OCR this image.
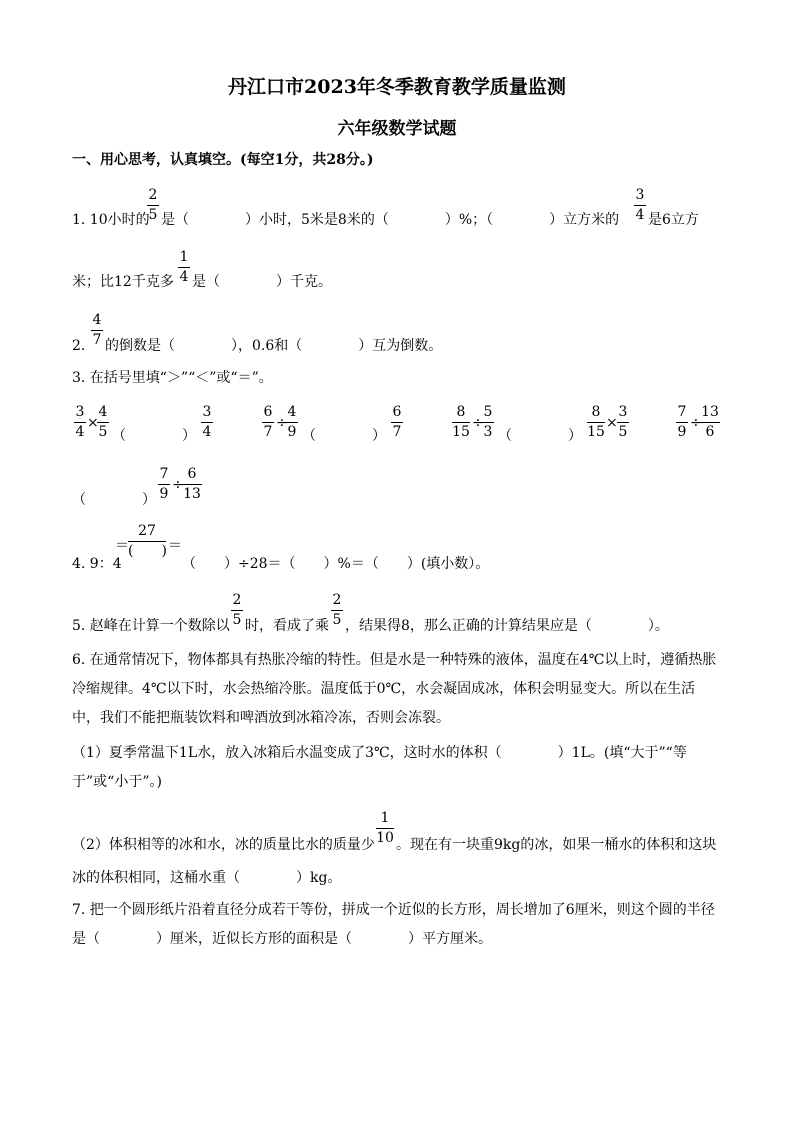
丹江口市2023年冬季教育教学质量监测
六年级数学试题
一、用心思考，认真填空。(每空1分，共28分。)
1. 10小时的
2
5 是（　　　　）小时，5米是8米的（　　　　）%；（　　　　）立方米的
3
4 是6立方
米；比12千克多
1
4 是（　　　　）千克。
2.
4
7 的倒数是（　　　　），0.6和（　　　　）互为倒数。
3. 在括号里填“＞”“＜”或“＝”。
3
4
×
4
5 （　　　　）
3
4
6
7
÷
4
9 （　　　　）
6
7
8
15
÷
5
3 （　　　　）
8
15
×
3
5
7
9
÷
13
6
（　　　　）
7
9
÷
6
13
4. 9：4
＝
27
(　　) ＝
（　　）÷28＝（　　）%＝（　　）(填小数）。
5. 赵峰在计算一个数除以
2
5 时，看成了乘
2
5 ，结果得8，那么正确的计算结果应是（　　　　）。
6. 在通常情况下，物体都具有热胀冷缩的特性。但是水是一种特殊的液体，温度在4℃以上时，遵循热胀冷缩规律。4℃以下时，水会热缩冷胀。温度低于0℃，水会凝固成冰，体积会明显变大。所以在生活中，我们不能把瓶装饮料和啤酒放到冰箱冷冻，否则会冻裂。
（1）夏季常温下1L水，放入冰箱后水温变成了3℃，这时水的体积（　　　　）1L。(填“大于”“等于”或“小于”。)
（2）体积相等的冰和水，冰的质量比水的质量少
1
10 。现在有一块重9kg的冰，如果一桶水的体积和这块
冰的体积相同，这桶水重（　　　　）kg。
7. 把一个圆形纸片沿着直径分成若干等份，拼成一个近似的长方形，周长增加了6厘米，则这个圆的半径是（　　　　）厘米，近似长方形的面积是（　　　　）平方厘米。
